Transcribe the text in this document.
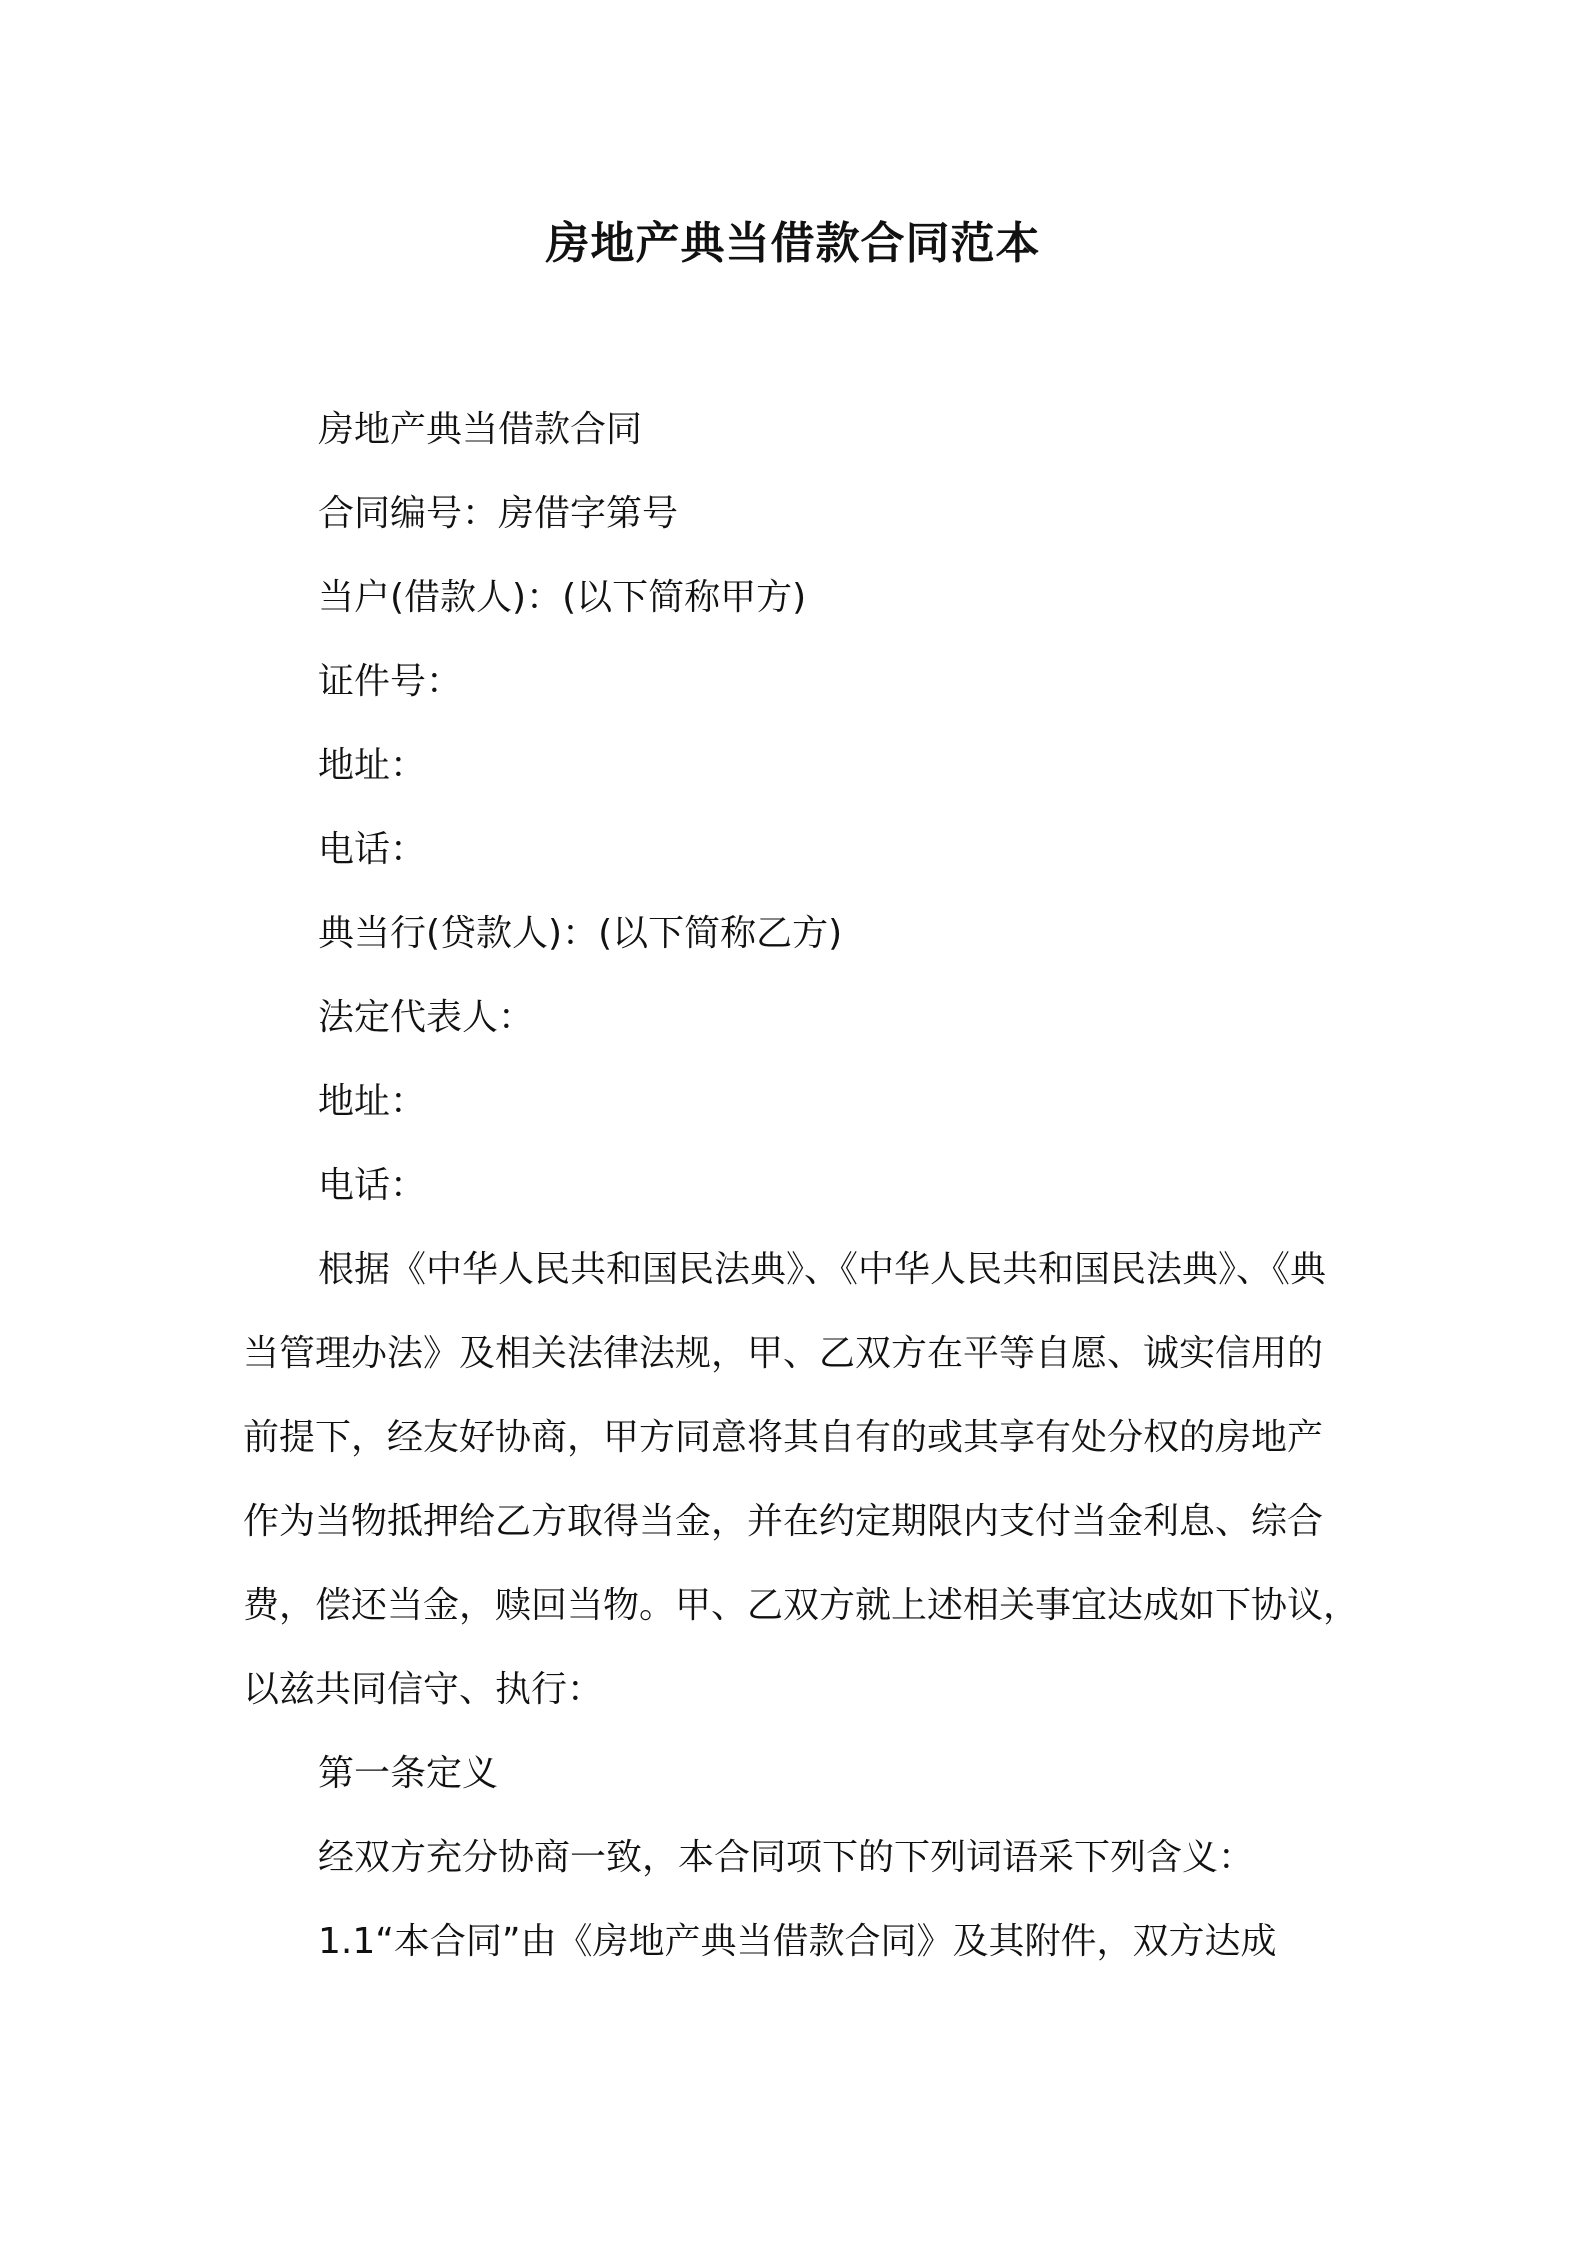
房地产典当借款合同范本
房地产典当借款合同
合同编号：房借字第号
当户(借款人)：(以下简称甲方)
证件号：
地址：
电话：
典当行(贷款人)：(以下简称乙方)
法定代表人：
地址：
电话：
根据《中华人民共和国民法典》、《中华人民共和国民法典》、《典
当管理办法》及相关法律法规，甲、乙双方在平等自愿、诚实信用的
前提下，经友好协商，甲方同意将其自有的或其享有处分权的房地产
作为当物抵押给乙方取得当金，并在约定期限内支付当金利息、综合
费，偿还当金，赎回当物。甲、乙双方就上述相关事宜达成如下协议，
以兹共同信守、执行：
第一条定义
经双方充分协商一致，本合同项下的下列词语采下列含义：
1.1“本合同”由《房地产典当借款合同》及其附件，双方达成
